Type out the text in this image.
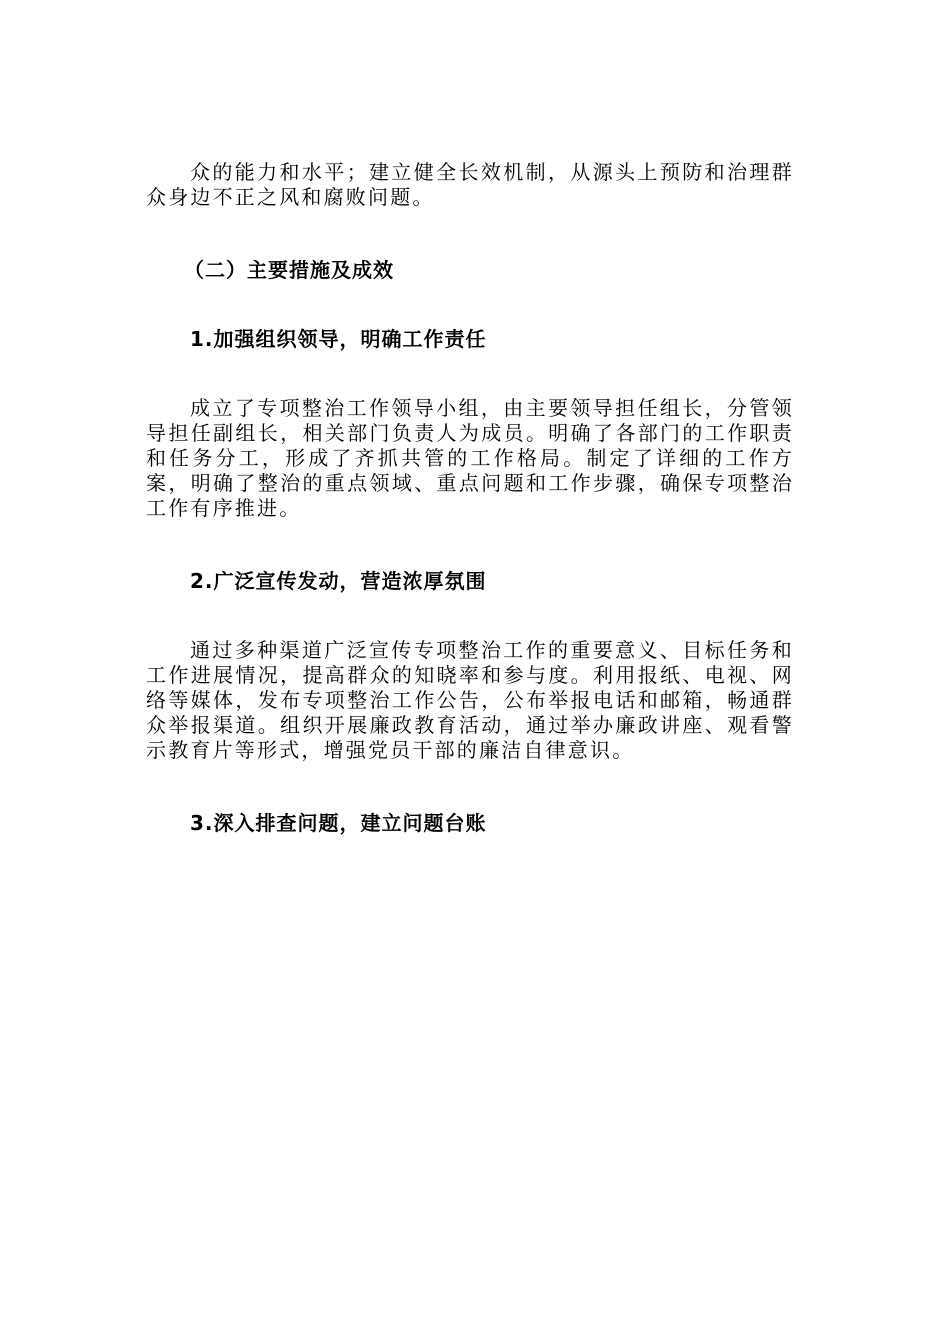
众的能力和水平；建立健全长效机制，从源头上预防和治理群众身边不正之风和腐败问题。

（二）主要措施及成效

1.加强组织领导，明确工作责任

成立了专项整治工作领导小组，由主要领导担任组长，分管领导担任副组长，相关部门负责人为成员。明确了各部门的工作职责和任务分工，形成了齐抓共管的工作格局。制定了详细的工作方案，明确了整治的重点领域、重点问题和工作步骤，确保专项整治工作有序推进。

2.广泛宣传发动，营造浓厚氛围

通过多种渠道广泛宣传专项整治工作的重要意义、目标任务和工作进展情况，提高群众的知晓率和参与度。利用报纸、电视、网络等媒体，发布专项整治工作公告，公布举报电话和邮箱，畅通群众举报渠道。组织开展廉政教育活动，通过举办廉政讲座、观看警示教育片等形式，增强党员干部的廉洁自律意识。

3.深入排查问题，建立问题台账
